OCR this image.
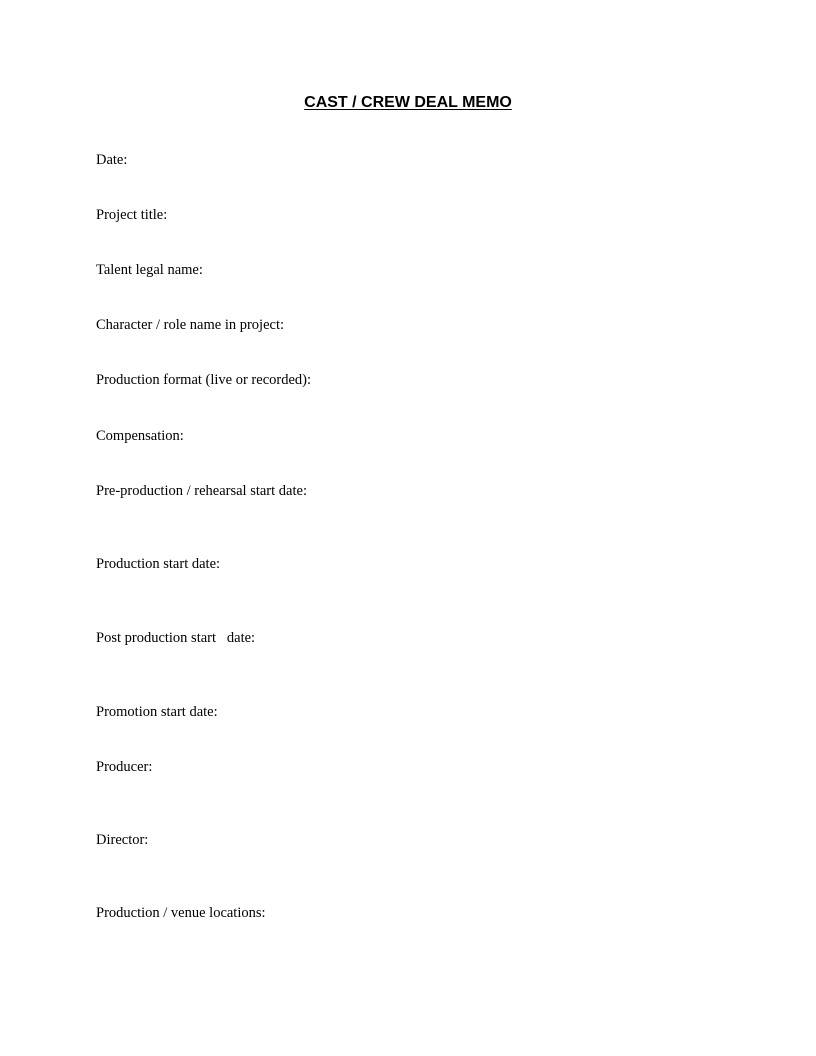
CAST / CREW DEAL MEMO
Date:
Project title:
Talent legal name:
Character / role name in project:
Production format (live or recorded):
Compensation:
Pre-production / rehearsal start date:
Production start date:
Post production start   date:
Promotion start date:
Producer:
Director:
Production / venue locations:
